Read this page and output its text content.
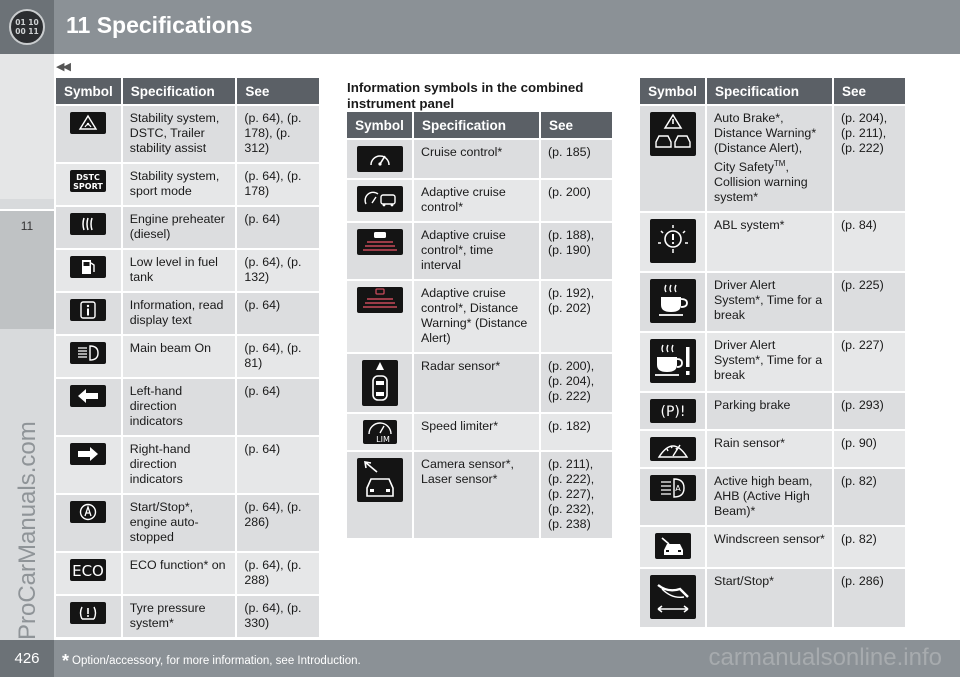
01 10
00 11 11 Specifications
11
ProCarManuals.com
◀◀
Symbol	Specification	See

	Stability system, DSTC, Trailer stability assist	(p. 64), (p. 178), (p. 312)

DSTC
SPORT	Stability system, sport mode	(p. 64), (p. 178)

	Engine preheater (diesel)	(p. 64)

	Low level in fuel tank	(p. 64), (p. 132)

	Information, read display text	(p. 64)

	Main beam On	(p. 64), (p. 81)

	Left-hand direction indicators	(p. 64)

	Right-hand direction indicators	(p. 64)

	Start/Stop*, engine auto-stopped	(p. 64), (p. 286)

ECO	ECO function* on	(p. 64), (p. 288)

	Tyre pressure system*	(p. 64), (p. 330)
Information symbols in the combined instrument panel
Symbol	Specification	See

	Cruise control*	(p. 185)

	Adaptive cruise control*	(p. 200)

	Adaptive cruise control*, time interval	(p. 188), (p. 190)

	Adaptive cruise control*, Distance Warning* (Distance Alert)	(p. 192), (p. 202)

	Radar sensor*	(p. 200), (p. 204), (p. 222)

LIM	Speed limiter*	(p. 182)

	Camera sensor*, Laser sensor*	(p. 211), (p. 222), (p. 227), (p. 232), (p. 238)
Symbol	Specification	See

	Auto Brake*, Distance Warning* (Distance Alert), City Safety™, Collision warning system*	(p. 204), (p. 211), (p. 222)

	ABL system*	(p. 84)

	Driver Alert System*, Time for a break	(p. 225)

	Driver Alert System*, Time for a break	(p. 227)

(P)!	Parking brake	(p. 293)

	Rain sensor*	(p. 90)

A	Active high beam, AHB (Active High Beam)*	(p. 82)

	Windscreen sensor*	(p. 82)

	Start/Stop*	(p. 286)
426	* Option/accessory, for more information, see Introduction.	carmanualsonline.info
